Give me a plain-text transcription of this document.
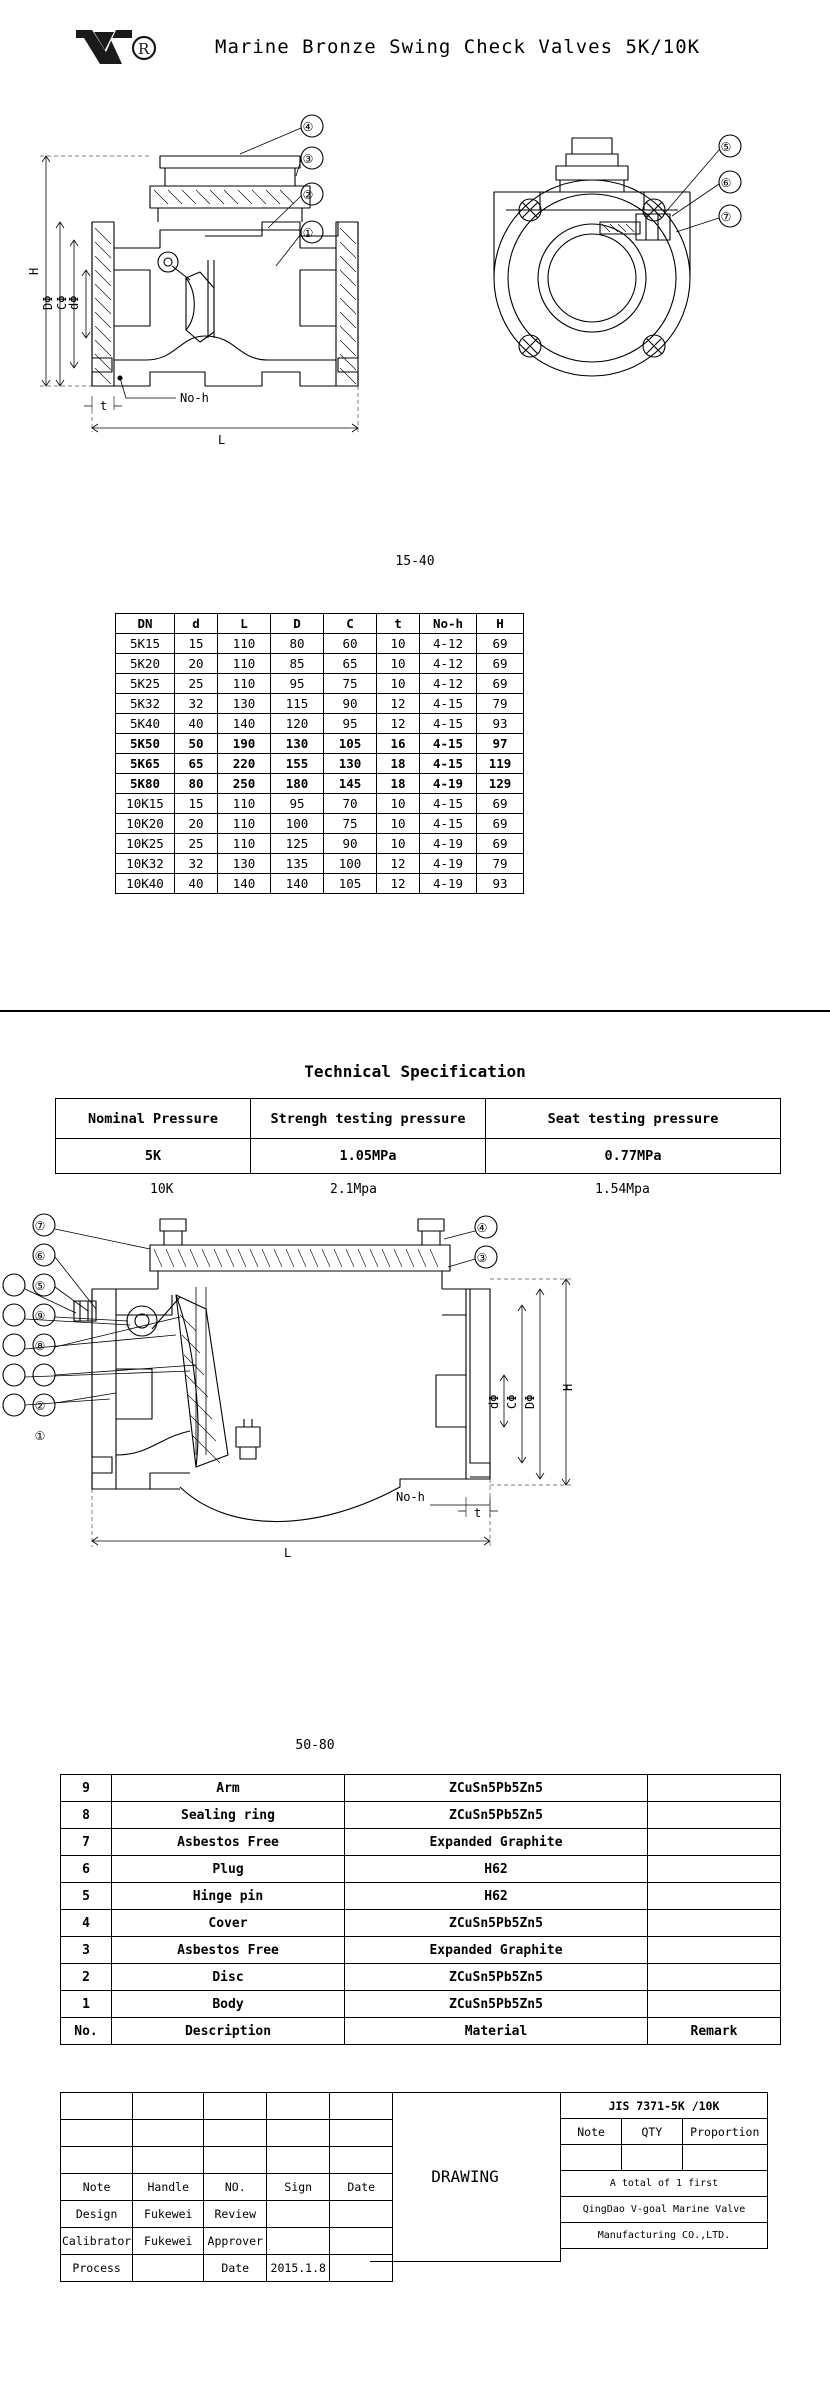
R	Marine Bronze Swing Check Valves 5K/10K
H
DΦ CΦ
dΦ
t
No-h
L
④
③
②
①
⑤
⑥
⑦
15-40
DN	d	L	D	C	t	No-h	H
5K15	15	110	80	60	10	4-12	69
5K20	20	110	85	65	10	4-12	69
5K25	25	110	95	75	10	4-12	69
5K32	32	130	115	90	12	4-15	79
5K40	40	140	120	95	12	4-15	93
5K50	50	190	130	105	16	4-15	97
5K65	65	220	155	130	18	4-15	119
5K80	80	250	180	145	18	4-19	129
10K15	15	110	95	70	10	4-15	69
10K20	20	110	100	75	10	4-15	69
10K25	25	110	125	90	10	4-19	69
10K32	32	130	135	100	12	4-19	79
10K40	40	140	140	105	12	4-19	93
Technical Specification
Nominal Pressure	Strengh testing pressure	Seat testing pressure
5K	1.05MPa	0.77MPa
10K	2.1Mpa	1.54Mpa
H
DΦ
CΦ
dΦ
No-h
t
L
⑦
⑥
⑤
⑨
⑧
②
①
④
③
50-80
9	Arm	ZCuSn5Pb5Zn5	
8	Sealing ring	ZCuSn5Pb5Zn5	
7	Asbestos Free	Expanded Graphite	
6	Plug	H62	
5	Hinge pin	H62	
4	Cover	ZCuSn5Pb5Zn5	
3	Asbestos Free	Expanded Graphite	
2	Disc	ZCuSn5Pb5Zn5	
1	Body	ZCuSn5Pb5Zn5	
No.	Description	Material	Remark

Note	Handle	NO.	Sign	Date
Design	Fukewei	Review		
Calibrator	Fukewei	Approver		
Process		Date	2015.1.8	
DRAWING
JIS 7371-5K /10K		
Note	QTY	Proportion

A total of 1 first		
QingDao V-goal Marine Valve		
Manufacturing CO.,LTD.		
